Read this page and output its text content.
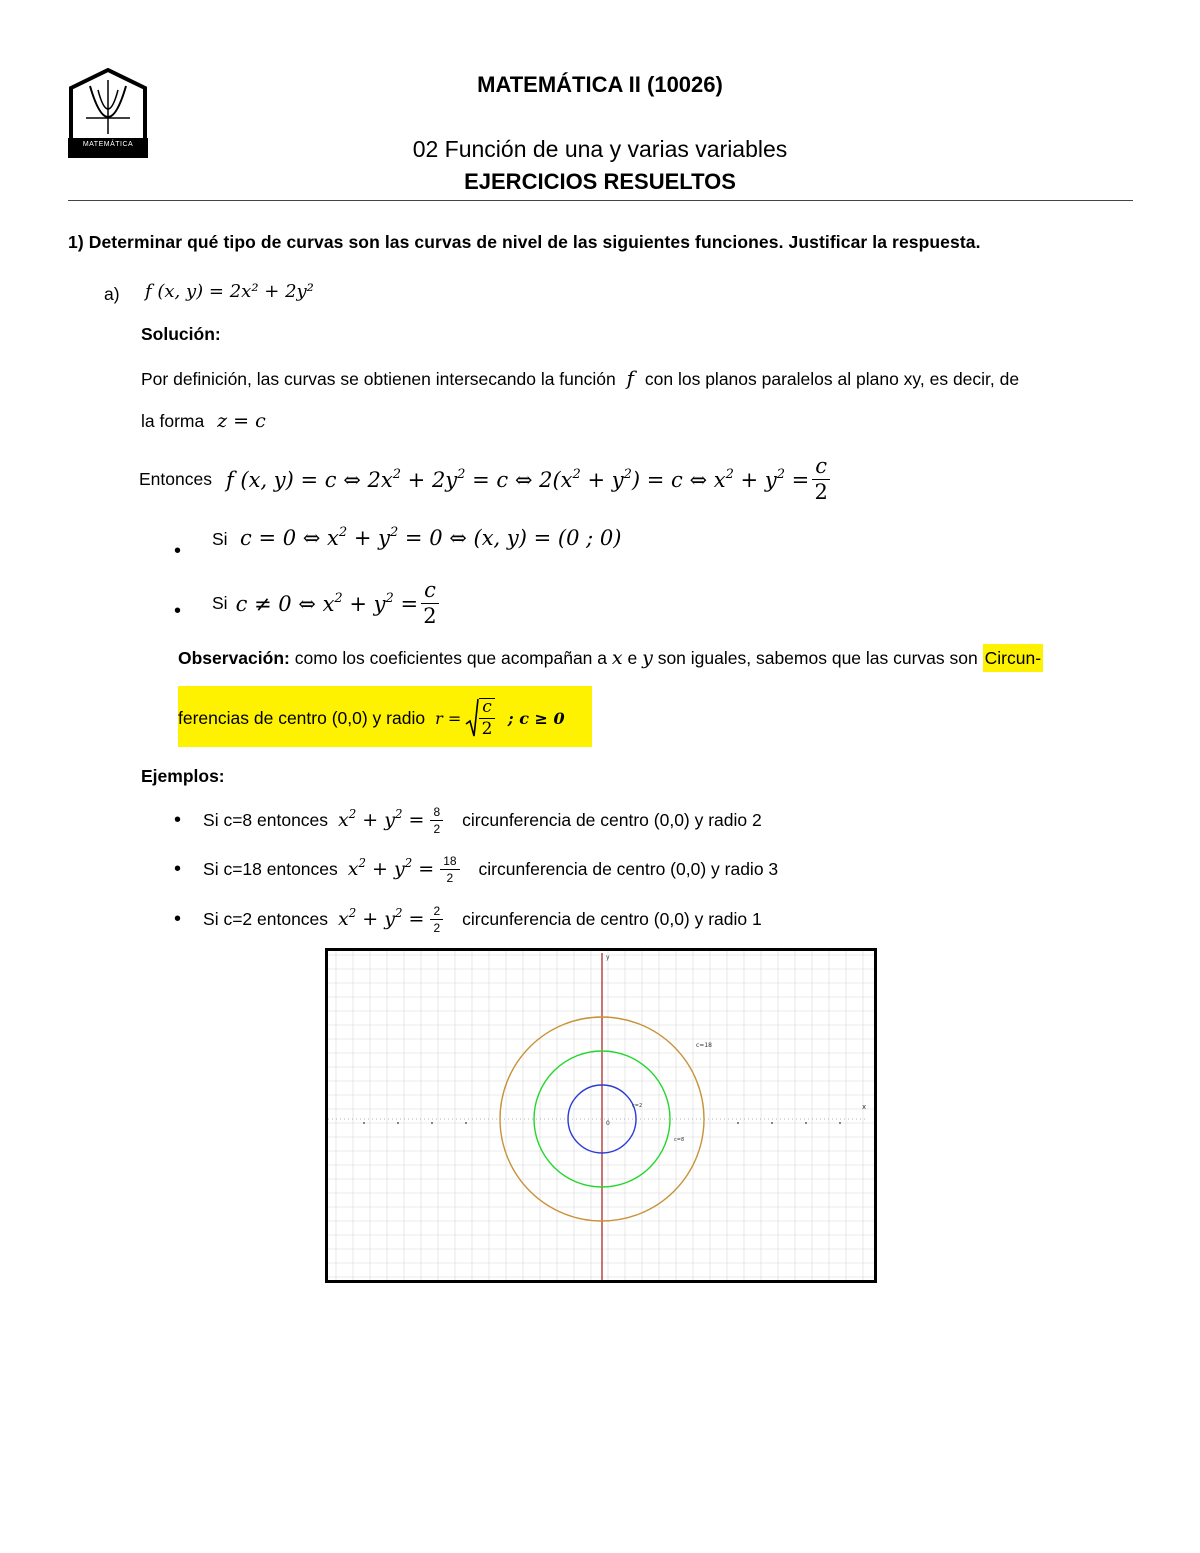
MATEMÁTICA
MATEMÁTICA II (10026)
02 Función de una y varias variables
EJERCICIOS RESUELTOS
1) Determinar qué tipo de curvas son las curvas de nivel de las siguientes funciones. Justificar la respuesta.
a) f (x, y) = 2x² + 2y²
Solución:
Por definición, las curvas se obtienen intersecando la función f con los planos paralelos al plano xy, es decir, de
la forma z = c
Entonces f (x, y) = c ⇔ $2x^2 + 2y^2 = c$ ⇔ $2(x^2 + y^2) = c$ ⇔ $x^2 + y^2 = \frac{c}{2}$
•
Si c = 0 ⇔ $x^2 + y^2 = 0$ ⇔ (x, y) = (0 ; 0)
• Si c ≠ 0 ⇔ $x^2 + y^2 = \frac{c}{2}$
Observación: como los coeficientes que acompañan a x e y son iguales, sabemos que las curvas son Circun-
ferencias de centro (0,0) y radio $r = \frac{c}{2}$ ; c ≥ 0
Ejemplos:
• Si c=8 entonces $x^2 + y^2 = \frac{8}{2}$ circunferencia de centro (0,0) y radio 2
• Si c=18 entonces $x^2 + y^2 = \frac{18}{2}$ circunferencia de centro (0,0) y radio 3
• Si c=2 entonces $x^2 + y^2 = \frac{2}{2}$ circunferencia de centro (0,0) y radio 1
x
y
0
c=18
c=8
c=2
